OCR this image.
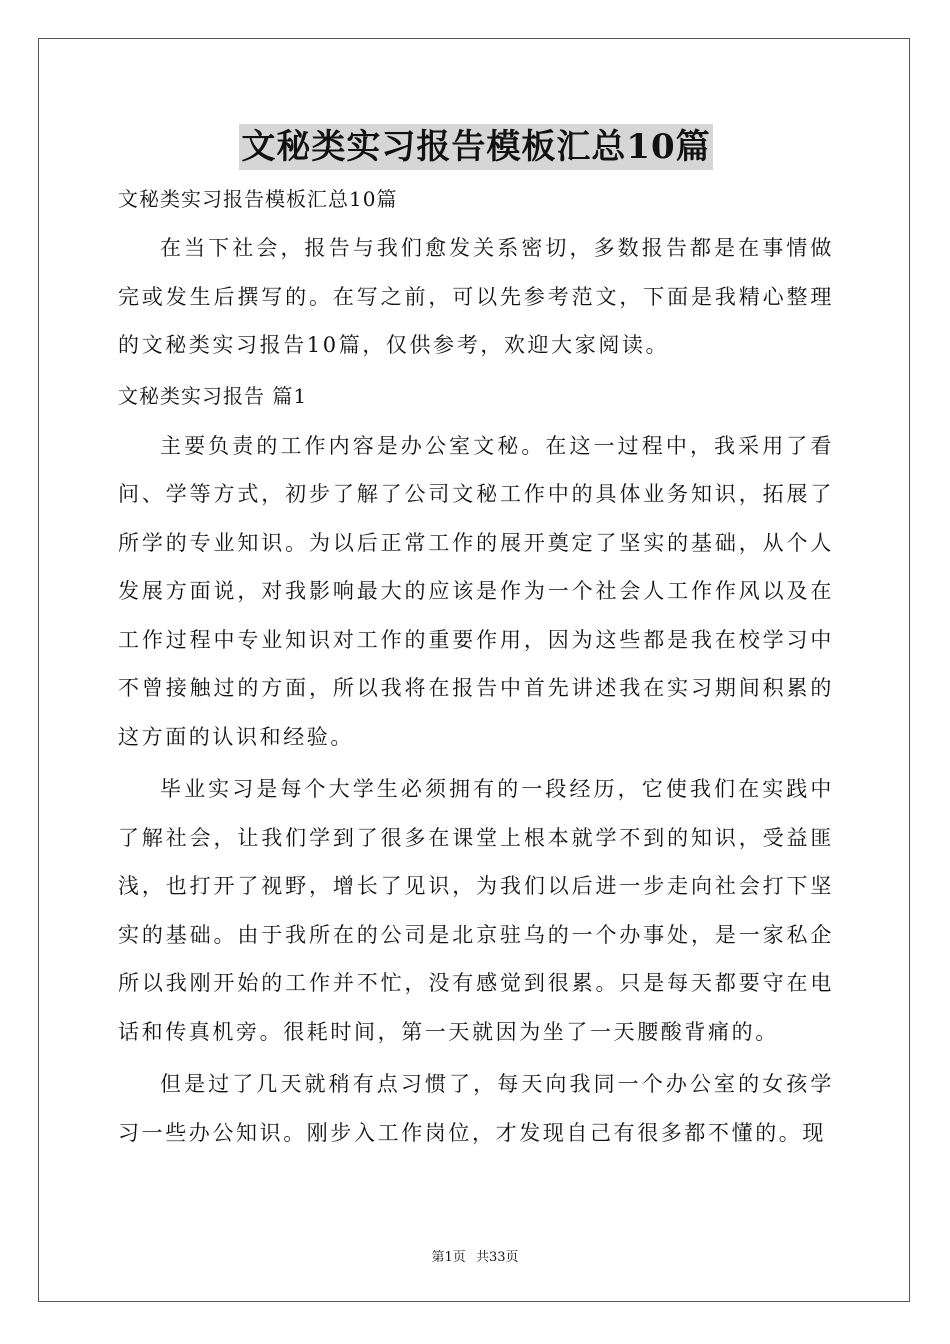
文秘类实习报告模板汇总10篇

文秘类实习报告模板汇总10篇

在当下社会，报告与我们愈发关系密切，多数报告都是在事情做完或发生后撰写的。在写之前，可以先参考范文，下面是我精心整理的文秘类实习报告10篇，仅供参考，欢迎大家阅读。

文秘类实习报告 篇1

主要负责的工作内容是办公室文秘。在这一过程中，我采用了看问、学等方式，初步了解了公司文秘工作中的具体业务知识，拓展了所学的专业知识。为以后正常工作的展开奠定了坚实的基础，从个人发展方面说，对我影响最大的应该是作为一个社会人工作作风以及在工作过程中专业知识对工作的重要作用，因为这些都是我在校学习中不曾接触过的方面，所以我将在报告中首先讲述我在实习期间积累的这方面的认识和经验。

毕业实习是每个大学生必须拥有的一段经历，它使我们在实践中了解社会，让我们学到了很多在课堂上根本就学不到的知识，受益匪浅，也打开了视野，增长了见识，为我们以后进一步走向社会打下坚实的基础。由于我所在的公司是北京驻乌的一个办事处，是一家私企所以我刚开始的工作并不忙，没有感觉到很累。只是每天都要守在电话和传真机旁。很耗时间，第一天就因为坐了一天腰酸背痛的。

但是过了几天就稍有点习惯了，每天向我同一个办公室的女孩学习一些办公知识。刚步入工作岗位，才发现自己有很多都不懂的。现

第1页 共33页
